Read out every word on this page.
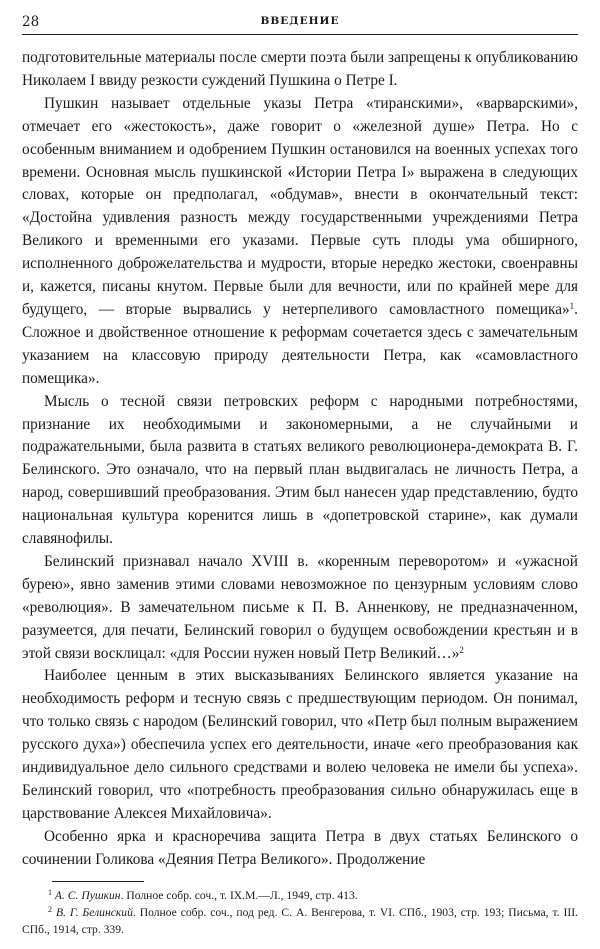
28	ВВЕДЕНИЕ

подготовительные материалы после смерти поэта были запрещены к опубликованию Николаем I ввиду резкости суждений Пушкина о Петре I.

Пушкин называет отдельные указы Петра «тиранскими», «варварскими», отмечает его «жестокость», даже говорит о «железной душе» Петра. Но с особенным вниманием и одобрением Пушкин остановился на военных успехах того времени. Основная мысль пушкинской «Истории Петра I» выражена в следующих словах, которые он предполагал, «обдумав», внести в окончательный текст: «Достойна удивления разность между государственными учреждениями Петра Великого и временными его указами. Первые суть плоды ума обширного, исполненного доброжелательства и мудрости, вторые нередко жестоки, своенравны и, кажется, писаны кнутом. Первые были для вечности, или по крайней мере для будущего, — вторые вырвались у нетерпеливого самовластного помещика»$^1$. Сложное и двойственное отношение к реформам сочетается здесь с замечательным указанием на классовую природу деятельности Петра, как «самовластного помещика».

Мысль о тесной связи петровских реформ с народными потребностями, признание их необходимыми и закономерными, а не случайными и подражательными, была развита в статьях великого революционера-демократа В. Г. Белинского. Это означало, что на первый план выдвигалась не личность Петра, а народ, совершивший преобразования. Этим был нанесен удар представлению, будто национальная культура коренится лишь в «допетровской старине», как думали славянофилы.

Белинский признавал начало XVIII в. «коренным переворотом» и «ужасной бурею», явно заменив этими словами невозможное по цензурным условиям слово «революция». В замечательном письме к П. В. Анненкову, не предназначенном, разумеется, для печати, Белинский говорил о будущем освобождении крестьян и в этой связи восклицал: «для России нужен новый Петр Великий…»$^2$

Наиболее ценным в этих высказываниях Белинского является указание на необходимость реформ и тесную связь с предшествующим периодом. Он понимал, что только связь с народом (Белинский говорил, что «Петр был полным выражением русского духа») обеспечила успех его деятельности, иначе «его преобразования как индивидуальное дело сильного средствами и волею человека не имели бы успеха». Белинский говорил, что «потребность преобразования сильно обнаружилась еще в царствование Алексея Михайловича».

Особенно ярка и красноречива защита Петра в двух статьях Белинского о сочинении Голикова «Деяния Петра Великого». Продолжение

$^1$ А. С. Пушкин. Полное собр. соч., т. IX.М.—Л., 1949, стр. 413.

$^2$ В. Г. Белинский. Полное собр. соч., под ред. С. А. Венгерова, т. VI. СПб., 1903, стр. 193; Письма, т. III. СПб., 1914, стр. 339.
